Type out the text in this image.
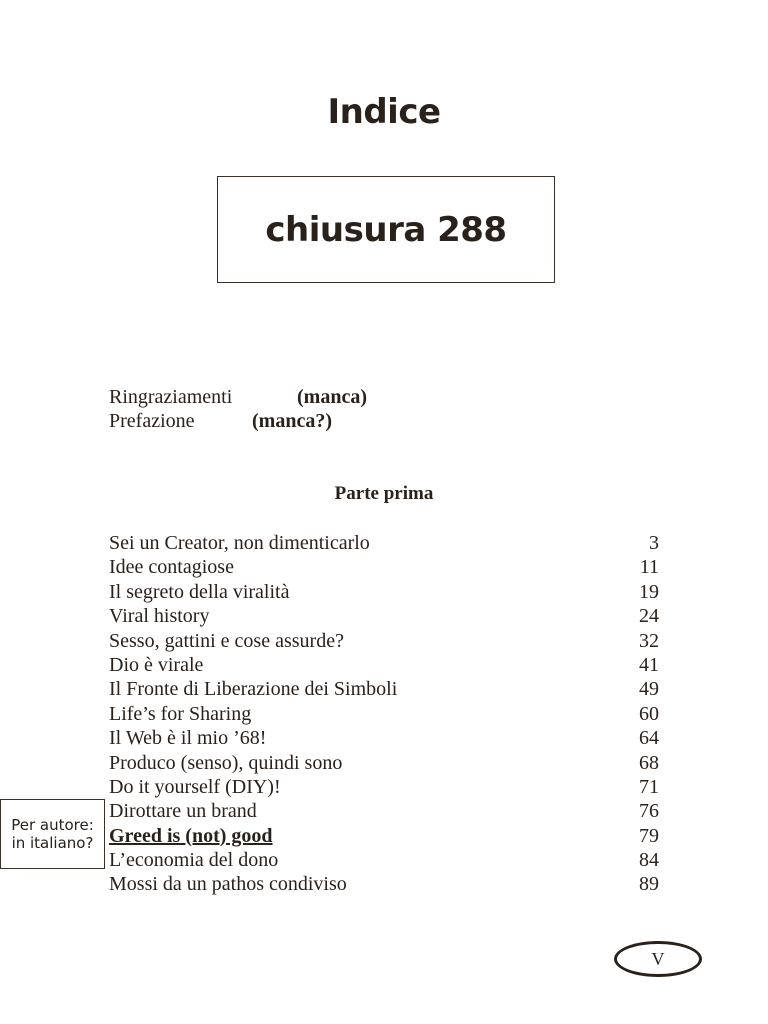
Indice
chiusura 288
Ringraziamenti	(manca)
Prefazione	(manca?)
Parte prima
Sei un Creator, non dimenticarlo	3
Idee contagiose	11
Il segreto della viralità	19
Viral history	24
Sesso, gattini e cose assurde?	32
Dio è virale	41
Il Fronte di Liberazione dei Simboli	49
Life’s for Sharing	60
Il Web è il mio ’68!	64
Produco (senso), quindi sono	68
Do it yourself (DIY)!	71
Dirottare un brand	76
Greed is (not) good	79
L’economia del dono	84
Mossi da un pathos condiviso	89
Per autore:
in italiano?
V
